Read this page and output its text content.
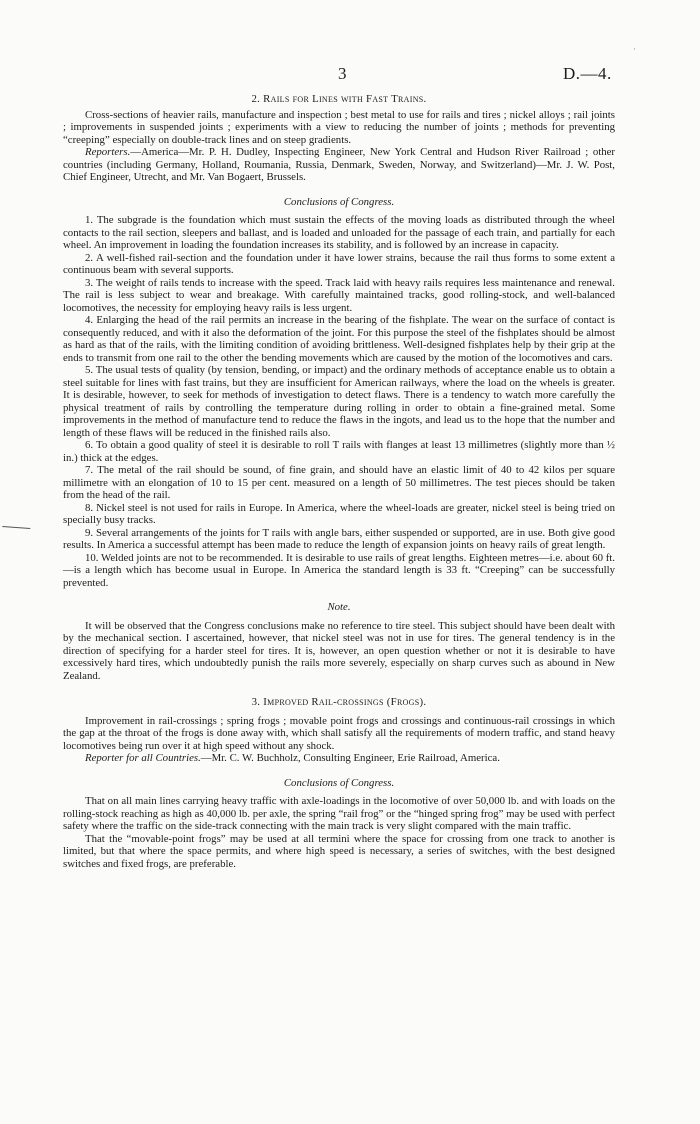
·
3	D.—4.

2. Rails for Lines with Fast Trains.

Cross-sections of heavier rails, manufacture and inspection ; best metal to use for rails and tires ; nickel alloys ; rail joints ; improvements in suspended joints ; experiments with a view to reducing the number of joints ; methods for preventing “creeping” especially on double-track lines and on steep gradients.

Reporters.—America—Mr. P. H. Dudley, Inspecting Engineer, New York Central and Hudson River Railroad ; other countries (including Germany, Holland, Roumania, Russia, Denmark, Sweden, Norway, and Switzerland)—Mr. J. W. Post, Chief Engineer, Utrecht, and Mr. Van Bogaert, Brussels.

Conclusions of Congress.

1. The subgrade is the foundation which must sustain the effects of the moving loads as distributed through the wheel contacts to the rail section, sleepers and ballast, and is loaded and unloaded for the passage of each train, and partially for each wheel. An improvement in loading the foundation increases its stability, and is followed by an increase in capacity.

2. A well-fished rail-section and the foundation under it have lower strains, because the rail thus forms to some extent a continuous beam with several supports.

3. The weight of rails tends to increase with the speed. Track laid with heavy rails requires less maintenance and renewal. The rail is less subject to wear and breakage. With carefully maintained tracks, good rolling-stock, and well-balanced locomotives, the necessity for employing heavy rails is less urgent.

4. Enlarging the head of the rail permits an increase in the bearing of the fishplate. The wear on the surface of contact is consequently reduced, and with it also the deformation of the joint. For this purpose the steel of the fishplates should be almost as hard as that of the rails, with the limiting condition of avoiding brittleness. Well-designed fishplates help by their grip at the ends to transmit from one rail to the other the bending movements which are caused by the motion of the locomotives and cars.

5. The usual tests of quality (by tension, bending, or impact) and the ordinary methods of acceptance enable us to obtain a steel suitable for lines with fast trains, but they are insufficient for American railways, where the load on the wheels is greater. It is desirable, however, to seek for methods of investigation to detect flaws. There is a tendency to watch more carefully the physical treatment of rails by controlling the temperature during rolling in order to obtain a fine-grained metal. Some improvements in the method of manufacture tend to reduce the flaws in the ingots, and lead us to the hope that the number and length of these flaws will be reduced in the finished rails also.

6. To obtain a good quality of steel it is desirable to roll T rails with flanges at least 13 millimetres (slightly more than ½ in.) thick at the edges.

7. The metal of the rail should be sound, of fine grain, and should have an elastic limit of 40 to 42 kilos per square millimetre with an elongation of 10 to 15 per cent. measured on a length of 50 millimetres. The test pieces should be taken from the head of the rail.

8. Nickel steel is not used for rails in Europe. In America, where the wheel-loads are greater, nickel steel is being tried on specially busy tracks.

9. Several arrangements of the joints for T rails with angle bars, either suspended or supported, are in use. Both give good results. In America a successful attempt has been made to reduce the length of expansion joints on heavy rails of great length.

10. Welded joints are not to be recommended. It is desirable to use rails of great lengths. Eighteen metres—i.e. about 60 ft.—is a length which has become usual in Europe. In America the standard length is 33 ft. “Creeping” can be successfully prevented.

Note.

It will be observed that the Congress conclusions make no reference to tire steel. This subject should have been dealt with by the mechanical section. I ascertained, however, that nickel steel was not in use for tires. The general tendency is in the direction of specifying for a harder steel for tires. It is, however, an open question whether or not it is desirable to have excessively hard tires, which undoubtedly punish the rails more severely, especially on sharp curves such as abound in New Zealand.

3. Improved Rail-crossings (Frogs).

Improvement in rail-crossings ; spring frogs ; movable point frogs and crossings and continuous-rail crossings in which the gap at the throat of the frogs is done away with, which shall satisfy all the requirements of modern traffic, and stand heavy locomotives being run over it at high speed without any shock.

Reporter for all Countries.—Mr. C. W. Buchholz, Consulting Engineer, Erie Railroad, America.

Conclusions of Congress.

That on all main lines carrying heavy traffic with axle-loadings in the locomotive of over 50,000 lb. and with loads on the rolling-stock reaching as high as 40,000 lb. per axle, the spring “rail frog” or the “hinged spring frog” may be used with perfect safety where the traffic on the side-track connecting with the main track is very slight compared with the main traffic.

That the “movable-point frogs” may be used at all termini where the space for crossing from one track to another is limited, but that where the space permits, and where high speed is necessary, a series of switches, with the best designed switches and fixed frogs, are preferable.
